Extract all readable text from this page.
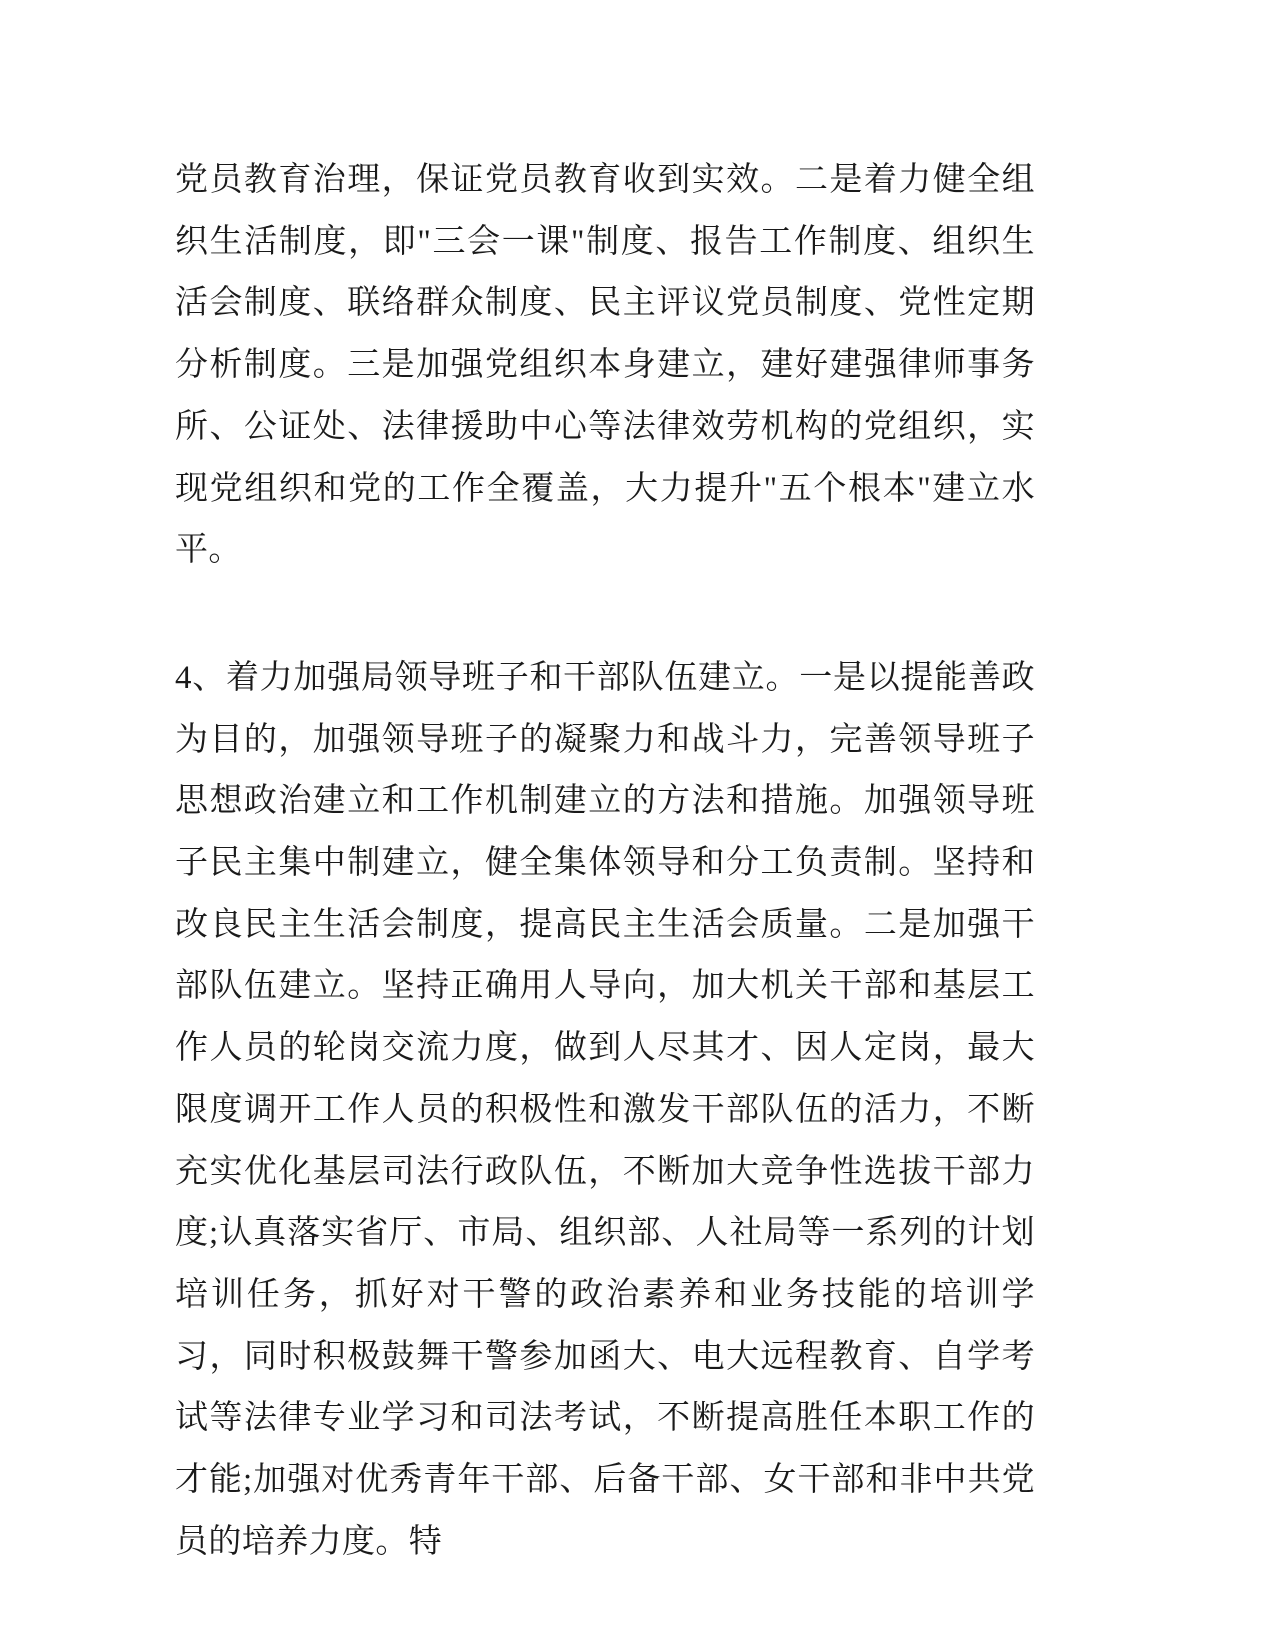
党员教育治理，保证党员教育收到实效。二是着力健全组织生活制度，即"三会一课"制度、报告工作制度、组织生活会制度、联络群众制度、民主评议党员制度、党性定期分析制度。三是加强党组织本身建立，建好建强律师事务所、公证处、法律援助中心等法律效劳机构的党组织，实现党组织和党的工作全覆盖，大力提升"五个根本"建立水平。

4、着力加强局领导班子和干部队伍建立。一是以提能善政为目的，加强领导班子的凝聚力和战斗力，完善领导班子思想政治建立和工作机制建立的方法和措施。加强领导班子民主集中制建立，健全集体领导和分工负责制。坚持和改良民主生活会制度，提高民主生活会质量。二是加强干部队伍建立。坚持正确用人导向，加大机关干部和基层工作人员的轮岗交流力度，做到人尽其才、因人定岗，最大限度调开工作人员的积极性和激发干部队伍的活力，不断充实优化基层司法行政队伍，不断加大竞争性选拔干部力度;认真落实省厅、市局、组织部、人社局等一系列的计划培训任务，抓好对干警的政治素养和业务技能的培训学习，同时积极鼓舞干警参加函大、电大远程教育、自学考试等法律专业学习和司法考试，不断提高胜任本职工作的才能;加强对优秀青年干部、后备干部、女干部和非中共党员的培养力度。特
